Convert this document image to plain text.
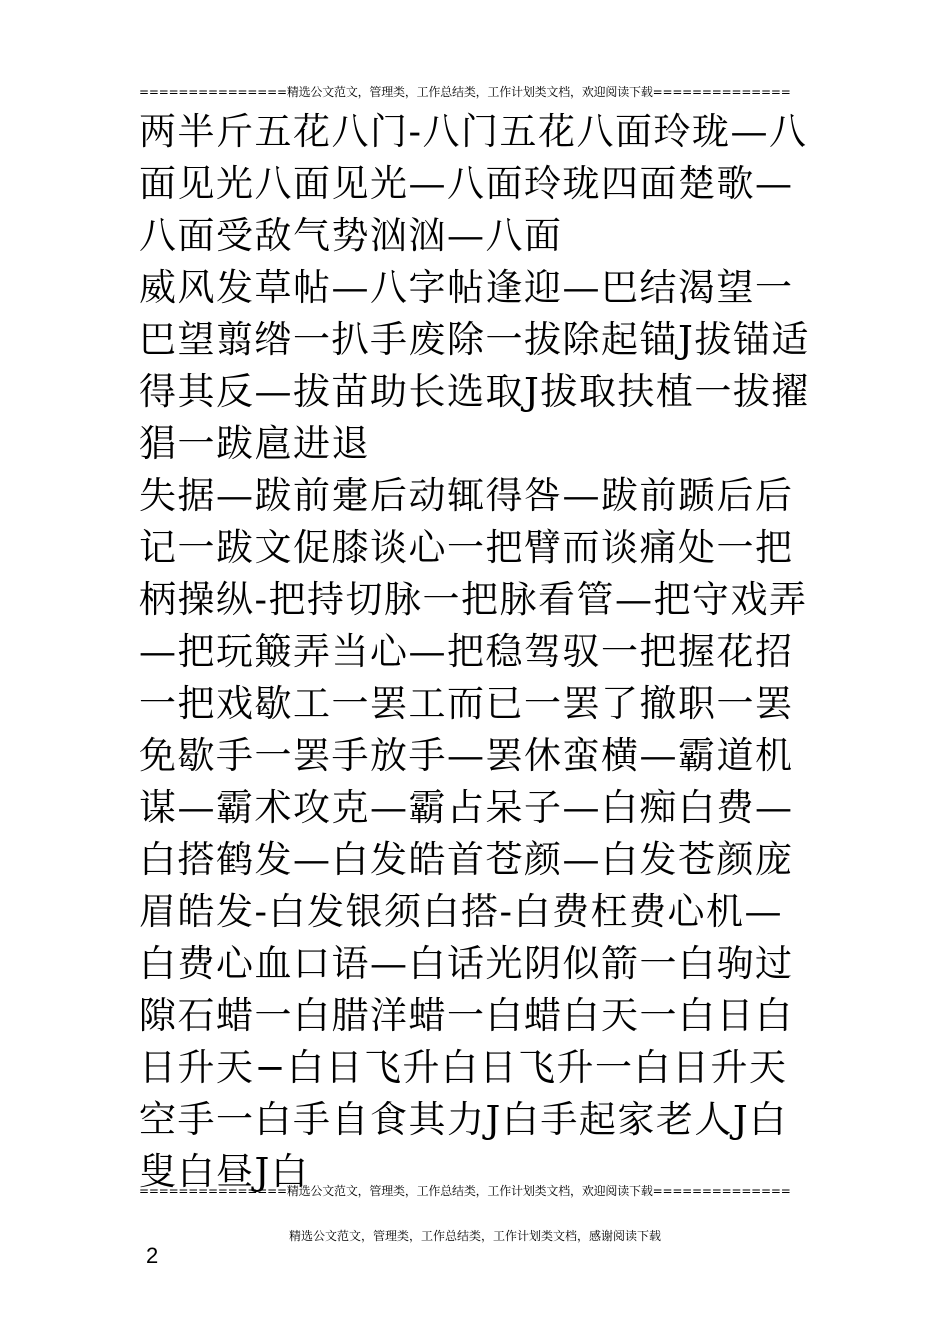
===============精选公文范文，管理类，工作总结类，工作计划类文档，欢迎阅读下载==============

两半斤五花八门-八门五花八面玲珑—八面见光八面见光—八面玲珑四面楚歌—八面受敌气势汹汹—八面

威风发草帖—八字帖逢迎—巴结渴望一巴望翦绺一扒手废除一拔除起锚J拔锚适得其反—拔苗助长选取J拔取扶植一拔擢猖一跋扈进退

失据—跋前疐后动辄得咎—跋前踬后后记一跋文促膝谈心一把臂而谈痛处一把柄操纵-把持切脉一把脉看管—把守戏弄—把玩簸弄当心—把稳驾驭一把握花招一把戏歇工一罢工而已一罢了撤职一罢免歇手一罢手放手—罢休蛮横—霸道机谋—霸术攻克—霸占呆子—白痴白费—白搭鹤发—白发皓首苍颜—白发苍颜庞眉皓发-白发银须白搭-白费枉费心机—白费心血口语—白话光阴似箭一白驹过隙石蜡一白腊洋蜡一白蜡白天一白日白日升天−白日飞升白日飞升一白日升天空手一白手自食其力J白手起家老人J白叟白昼J白

===============精选公文范文，管理类，工作总结类，工作计划类文档，欢迎阅读下载==============
精选公文范文，管理类，工作总结类，工作计划类文档，感谢阅读下载
2
